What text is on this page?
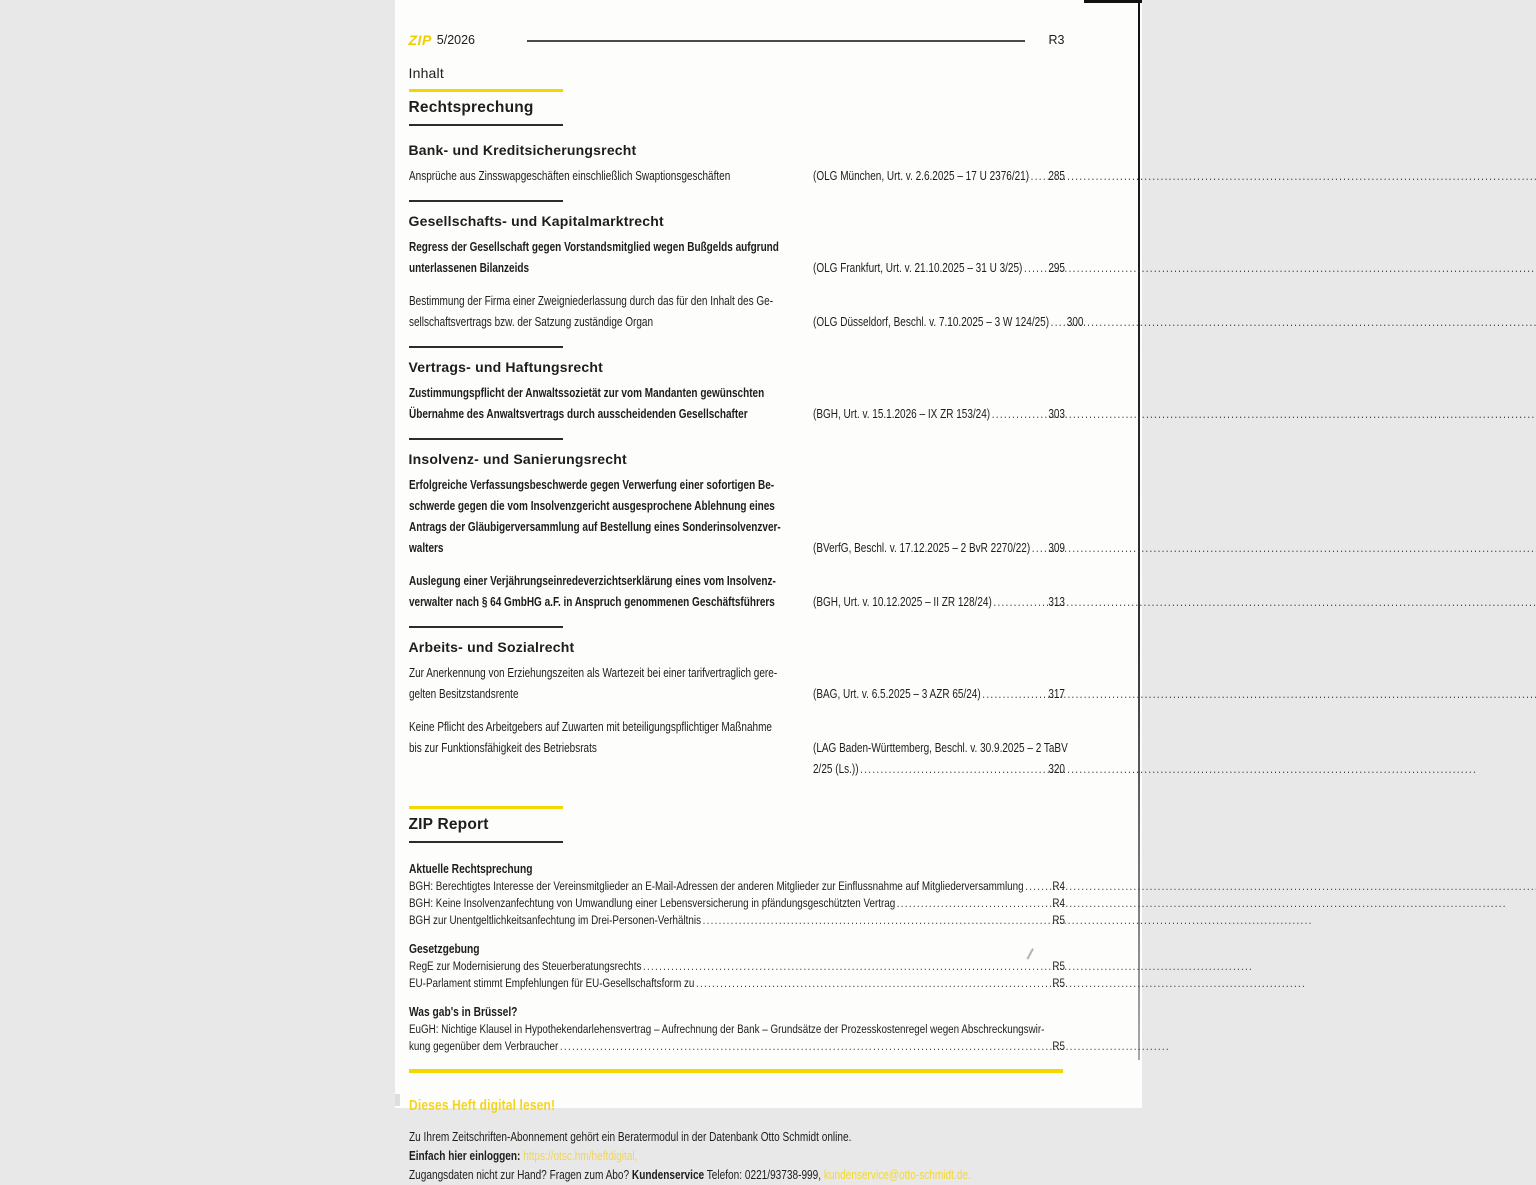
ZIP 5/2026	R3
Inhalt
Rechtsprechung
Bank- und Kreditsicherungsrecht
Ansprüche aus Zinsswapgeschäften einschließlich Swaptionsgeschäften	(OLG München, Urt. v. 2.6.2025 – 17 U 2376/21) .....	285
Gesellschafts- und Kapitalmarktrecht
Regress der Gesellschaft gegen Vorstandsmitglied wegen Bußgelds aufgrund
unterlassenen Bilanzeids	(OLG Frankfurt, Urt. v. 21.10.2025 – 31 U 3/25) .....	295
Bestimmung der Firma einer Zweigniederlassung durch das für den Inhalt des Ge-
sellschaftsvertrags bzw. der Satzung zuständige Organ	(OLG Düsseldorf, Beschl. v. 7.10.2025 – 3 W 124/25) .....	300
Vertrags- und Haftungsrecht
Zustimmungspflicht der Anwaltssozietät zur vom Mandanten gewünschten
Übernahme des Anwaltsvertrags durch ausscheidenden Gesellschafter	(BGH, Urt. v. 15.1.2026 – IX ZR 153/24) .....	303
Insolvenz- und Sanierungsrecht
Erfolgreiche Verfassungsbeschwerde gegen Verwerfung einer sofortigen Be-
schwerde gegen die vom Insolvenzgericht ausgesprochene Ablehnung eines
Antrags der Gläubigerversammlung auf Bestellung eines Sonderinsolvenzver-
walters	(BVerfG, Beschl. v. 17.12.2025 – 2 BvR 2270/22) .....	309
Auslegung einer Verjährungseinredeverzichtserklärung eines vom Insolvenz-
verwalter nach § 64 GmbHG a.F. in Anspruch genommenen Geschäftsführers	(BGH, Urt. v. 10.12.2025 – II ZR 128/24) .....	313
Arbeits- und Sozialrecht
Zur Anerkennung von Erziehungszeiten als Wartezeit bei einer tarifvertraglich gere-
gelten Besitzstandsrente	(BAG, Urt. v. 6.5.2025 – 3 AZR 65/24) .....	317
Keine Pflicht des Arbeitgebers auf Zuwarten mit beteiligungspflichtiger Maßnahme
bis zur Funktionsfähigkeit des Betriebsrats	(LAG Baden-Württemberg, Beschl. v. 30.9.2025 – 2 TaBV
2/25 (Ls.)) .....	320
ZIP Report
Aktuelle Rechtsprechung
BGH: Berechtigtes Interesse der Vereinsmitglieder an E-Mail-Adressen der anderen Mitglieder zur Einflussnahme auf Mitgliederversammlung .....	R4
BGH: Keine Insolvenzanfechtung von Umwandlung einer Lebensversicherung in pfändungsgeschützten Vertrag .....	R4
BGH zur Unentgeltlichkeitsanfechtung im Drei-Personen-Verhältnis .....	R5
Gesetzgebung
RegE zur Modernisierung des Steuerberatungsrechts .....	R5
EU-Parlament stimmt Empfehlungen für EU-Gesellschaftsform zu .....	R5
Was gab's in Brüssel?
EuGH: Nichtige Klausel in Hypothekendarlehensvertrag – Aufrechnung der Bank – Grundsätze der Prozesskostenregel wegen Abschreckungswir-
kung gegenüber dem Verbraucher .....	R5
Dieses Heft digital lesen!
Zu Ihrem Zeitschriften-Abonnement gehört ein Beratermodul in der Datenbank Otto Schmidt online.
Einfach hier einloggen: https://otsc.hm/heftdigital,
Zugangsdaten nicht zur Hand? Fragen zum Abo? Kundenservice Telefon: 0221/93738-999, kundenservice@otto-schmidt.de.
